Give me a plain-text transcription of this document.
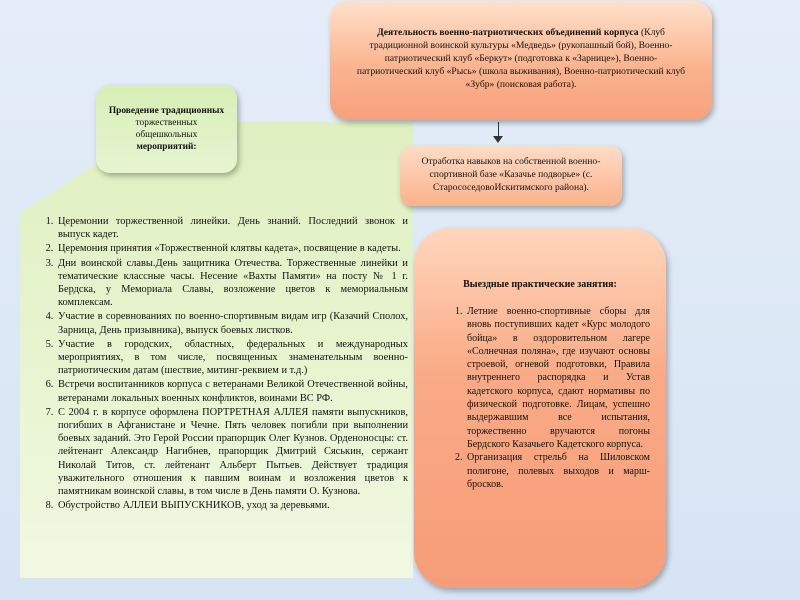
Проведение традиционных
торжественных
общешкольных
мероприятий:
1. Церемонии торжественной линейки. День знаний. Последний звонок и выпуск кадет.
2. Церемония принятия «Торжественной клятвы кадета», посвящение в кадеты.
3. Дни воинской славы.День защитника Отечества. Торжественные линейки и тематические классные часы. Несение «Вахты Памяти» на посту № 1 г. Бердска, у Мемориала Славы, возложение цветов к мемориальным комплексам.
4. Участие в соревнованиях по военно-спортивным видам игр (Казачий Сполох, Зарница, День призывника), выпуск боевых листков.
5. Участие в городских, областных, федеральных и международных мероприятиях, в том числе, посвященных знаменательным военно-патриотическим датам (шествие, митинг-реквием и т.д.)
6. Встречи воспитанников корпуса с ветеранами Великой Отечественной войны, ветеранами локальных военных конфликтов, воинами ВС РФ.
7. С 2004 г. в корпусе оформлена ПОРТРЕТНАЯ АЛЛЕЯ памяти выпускников, погибших в Афганистане и Чечне. Пять человек погибли при выполнении боевых заданий. Это Герой России прапорщик Олег Кузнов. Орденоносцы: ст. лейтенант Александр Нагибнев, прапорщик Дмитрий Сяськин, сержант Николай Титов, ст. лейтенант Альберт Пытьев. Действует традиция уважительного отношения к павшим воинам и возложения цветов к памятникам воинской славы, в том числе в День памяти О. Кузнова.
8. Обустройство АЛЛЕИ ВЫПУСКНИКОВ, уход за деревьями.
Деятельность военно-патриотических объединений корпуса (Клуб традиционной воинской культуры «Медведь» (рукопашный бой), Военно-патриотический клуб «Беркут» (подготовка к «Зарнице»), Военно-патриотический клуб «Рысь» (школа выживания), Военно-патриотический клуб «Зубр» (поисковая работа).
Отработка навыков на собственной военно-спортивной базе «Казачье подворье» (с. СтарососедовоИскитимского района).
Выездные практические занятия:
1. Летние военно-спортивные сборы для вновь поступивших кадет «Курс молодого бойца» в оздоровительном лагере «Солнечная поляна», где изучают основы строевой, огневой подготовки, Правила внутреннего распорядка и Устав кадетского корпуса, сдают нормативы по физической подготовке. Лицам, успешно выдержавшим все испытания, торжественно вручаются погоны Бердского Казачьего Кадетского корпуса.
2. Организация стрельб на Шиловском полигоне, полевых выходов и марш-бросков.
